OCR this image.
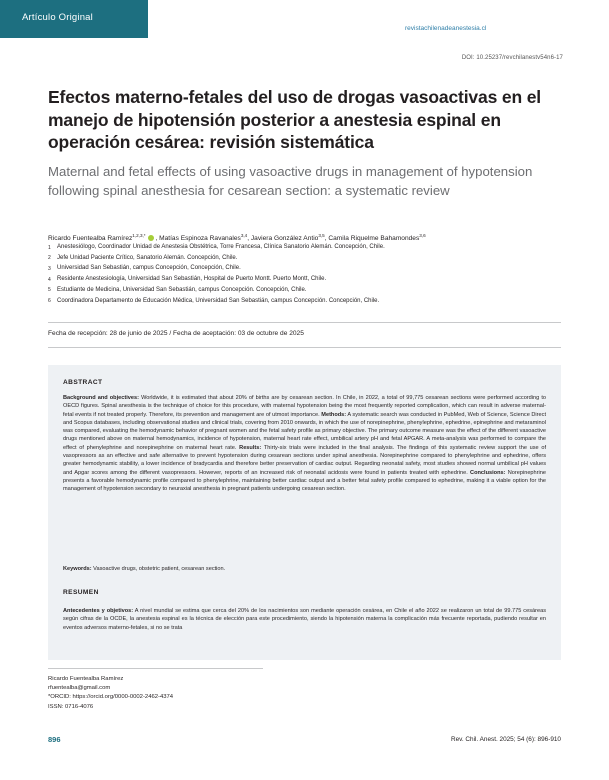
Artículo Original
revistachilenadeanestesia.cl
DOI: 10.25237/revchilanestv54n6-17
Efectos materno-fetales del uso de drogas vasoactivas en el manejo de hipotensión posterior a anestesia espinal en operación cesárea: revisión sistemática
Maternal and fetal effects of using vasoactive drugs in management of hypotension following spinal anesthesia for cesarean section: a systematic review
Ricardo Fuentealba Ramírez$^{1,2,3,*}$ , Matías Espinoza Ravanales$^{3,4}$, Javiera González Antio$^{3,5}$, Camila Riquelme Bahamondes$^{3,6}$
1	Anestesiólogo, Coordinador Unidad de Anestesia Obstétrica, Torre Francesa, Clínica Sanatorio Alemán. Concepción, Chile.
2	Jefe Unidad Paciente Crítico, Sanatorio Alemán. Concepción, Chile.
3	Universidad San Sebastián, campus Concepción, Concepción, Chile.
4	Residente Anestesiología, Universidad San Sebastián, Hospital de Puerto Montt. Puerto Montt, Chile.
5	Estudiante de Medicina, Universidad San Sebastián, campus Concepción. Concepción, Chile.
6	Coordinadora Departamento de Educación Médica, Universidad San Sebastián, campus Concepción. Concepción, Chile.
Fecha de recepción: 28 de junio de 2025 / Fecha de aceptación: 03 de octubre de 2025
ABSTRACT
Background and objectives: Worldwide, it is estimated that about 20% of births are by cesarean section. In Chile, in 2022, a total of 99,775 cesarean sections were performed according to OECD figures. Spinal anesthesia is the technique of choice for this procedure, with maternal hypotension being the most frequently reported complication, which can result in adverse maternal-fetal events if not treated properly. Therefore, its prevention and management are of utmost importance. Methods: A systematic search was conducted in PubMed, Web of Science, Science Direct and Scopus databases, including observational studies and clinical trials, covering from 2010 onwards, in which the use of norepinephrine, phenylephrine, ephedrine, epinephrine and metaraminol was compared, evaluating the hemodynamic behavior of pregnant women and the fetal safety profile as primary objective. The primary outcome measure was the effect of the different vasoactive drugs mentioned above on maternal hemodynamics, incidence of hypotension, maternal heart rate effect, umbilical artery pH and fetal APGAR. A meta-analysis was performed to compare the effect of phenylephrine and norepinephrine on maternal heart rate. Results: Thirty-six trials were included in the final analysis. The findings of this systematic review support the use of vasopressors as an effective and safe alternative to prevent hypotension during cesarean sections under spinal anesthesia. Norepinephrine compared to phenylephrine and ephedrine, offers greater hemodynamic stability, a lower incidence of bradycardia and therefore better preservation of cardiac output. Regarding neonatal safety, most studies showed normal umbilical pH values and Apgar scores among the different vasopressors. However, reports of an increased risk of neonatal acidosis were found in patients treated with ephedrine. Conclusions: Norepinephrine presents a favorable hemodynamic profile compared to phenylephrine, maintaining better cardiac output and a better fetal safety profile compared to ephedrine, making it a viable option for the management of hypotension secondary to neuraxial anesthesia in pregnant patients undergoing cesarean section.
Keywords: Vasoactive drugs, obstetric patient, cesarean section.
RESUMEN
Antecedentes y objetivos: A nivel mundial se estima que cerca del 20% de los nacimientos son mediante operación cesárea, en Chile el año 2022 se realizaron un total de 99.775 cesáreas según cifras de la OCDE, la anestesia espinal es la técnica de elección para este procedimiento, siendo la hipotensión materna la complicación más frecuente reportada, pudiendo resultar en eventos adversos materno-fetales, si no se trata
Ricardo Fuentealba Ramírez
rfuentealba@gmail.com
*ORCID: https://orcid.org/0000-0002-2462-4374
ISSN: 0716-4076
896	Rev. Chil. Anest. 2025; 54 (6): 896-910
